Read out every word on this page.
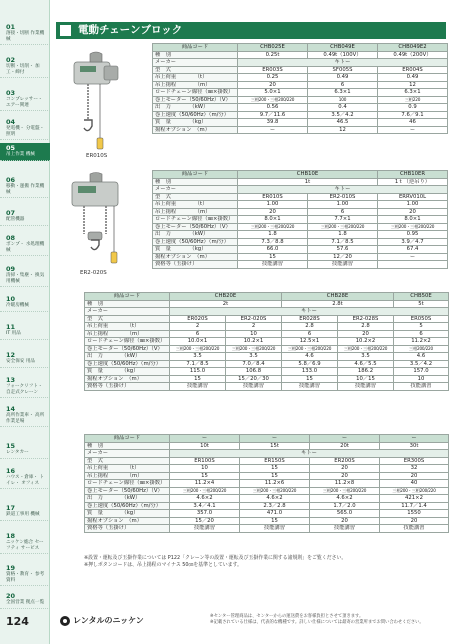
01
溶接・切断 作業機械
02
切断・切削・ 加工・締付
03
コンプレッサー・ エアー関連
04
発電機・ 分電盤・照明
05
吊上作業 機械
06
移動・運搬 作業機械
07
配管機器
08
ポンプ・ 水処理機械
09
清掃・集塵・ 換気用機械
10
冷暖房機械
11
IT 用品
12
安全保安 用品
13
フォークリフト・ 自走式クレーン
14
高所作業車・ 高所作業足場
15
レンタカー
16
ハウス・倉庫・ トイレ・ オフィス
17
鉄道工事用 機械
18
ニッケン総合 セーフティ サービス
19
資格・教育・ 参考資料
20
全国営業 拠点一覧
電動チェーンブロック
ER010S
ER2-020S
商品コード	CHB025E	CHB049E	CHB049E2
種　別	0.25t	0.49t（100V）	0.49t（200V）
メーカー	キトー		
型　式	ER003S	SF005S	ER004S
吊上荷重　　　　（t）	0.25	0.49	0.49
吊上揚程　　　　（m）	20	6	12
ロードチェーン線径（㎜×掛数）	5.0×1	6.3×1	6.3×1
巻上モーター（50/60Hz）（V）	三相200・三相200/220	100	三相220
出　力　　　　（kW）	0.56	0.4	0.9
巻上速度（50/60Hz）（m/分）	9.7／11.6	3.5／4.2	7.6／9.1
質　量　　　　（kg）	39.8	46.5	46
揚程オプション　（m）	ー	12	ー
商品コード	CHB10E		CHB10ER
種　別	1t		1ｔ（逆吊り）
メーカー	キトー		
型　式	ER010S	ER2-010S	ERRV010L
吊上荷重　　　　（t）	1.00	1.00	1.00
吊上揚程　　　　（m）	20	6	20
ロードチェーン線径（㎜×掛数）	8.0×1	7.7×1	8.0×1
巻上モーター（50/60Hz）（V）	三相200・三相200/220	三相200・三相200/220	三相200・三相200/220
出　力　　　　（kW）	1.8	1.8	0.95
巻上速度（50/60Hz）（m/分）	7.3／8.8	7.1／8.5	3.9／4.7
質　量　　　　（kg）	66.0	57.6	67.4
揚程オプション　（m）	15	12／20	ー
資格等（玉掛け）	技能講習	技能講習	
商品コード	CHB20E		CHB28E		CHB50E
種　別	2t		2.8t		5t
メーカー	キトー				
型　式	ER020S	ER2-020S	ER028S	ER2-028S	ER050S
吊上荷重　　　　（t）	2	2	2.8	2.8	5
吊上揚程　　　　（m）	6	10	6	20	6
ロードチェーン線径（㎜×掛数）	10.0×1	10.2×1	12.5×1	10.2×2	11.2×2
巻上モーター（50/60Hz）（V）	三相200・三相200/220	三相200・三相200/220	三相200・三相200/220	三相200・三相200/220	三相200/220
出　力　　　　（kW）	3.5	3.5	4.6	3.5	4.6
巻上速度（50/60Hz）（m/分）	7.1／8.5	7.0／8.4	5.8／6.9	4.6／5.5	3.5／4.2
質　量　　　　（kg）	115.0	106.8	133.0	186.2	157.0
揚程オプション　（m）	15	15／20／30	15	10／15	10
資格等（玉掛け）	技能講習	技能講習	技能講習	技能講習	技能講習
商品コード	ー	ー	ー	ー
種　別	10t	15t	20t	30t
メーカー	キトー			
型　式	ER100S	ER150S	ER200S	ER300S
吊上荷重　　　　（t）	10	15	20	32
吊上揚程　　　　（m）	15	15	20	20
ロードチェーン線径（㎜×掛数）	11.2×4	11.2×6	11.2×8	40
巻上モーター（50/60Hz）（V）	三相200・三相200/220	三相200・三相200/220	三相200・三相200/220	三相200・三相200/220
出　力　　　　（kW）	4.6×2	4.6×2	4.6×2	421×2
巻上速度（50/60Hz）（m/分）	3.4／4.1	2.3／2.8	1.7／2.0	11.7／1.4
質　量　　　　（kg）	357.0	471.0	565.0	1550
揚程オプション　（m）	15／20	15	20	20
資格等（玉掛け）	技能講習	技能講習	技能講習	技能講習
※設置・運転及び玉掛作業については P122「クレーン等の設置・運転及び玉掛作業に関する諸規則」をご覧ください。
※押しボタンコードは、吊上揚程のマイナス 50㎝を基準としています。
124	レンタルのニッケン	※センター管理商品は、センターからの運送費をお客様負担とさせて頂きます。
※記載されている仕様は、代表的な機種です。詳しい仕様については最寄の営業所までお問い合わせください。
